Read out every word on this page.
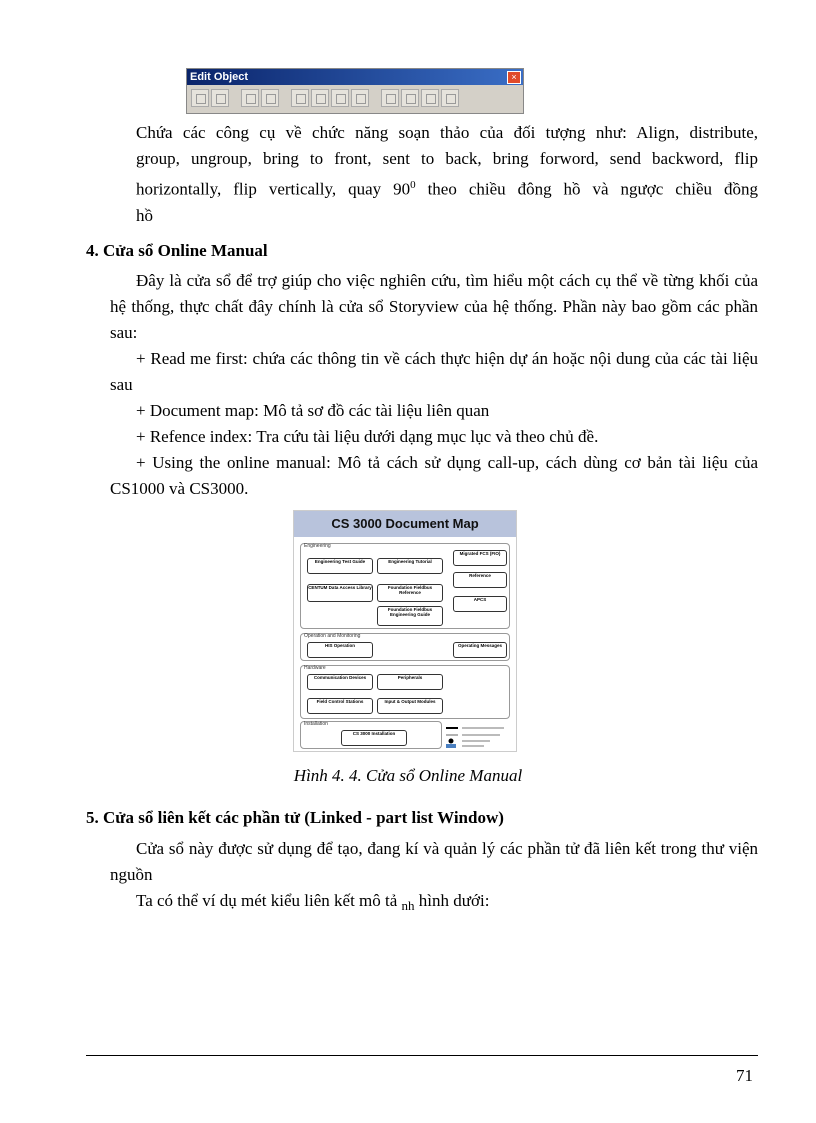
Edit Object	×
Chứa các công cụ về chức năng soạn thảo của đối tượng như: Align, distribute,
group, ungroup, bring to front, sent to back, bring forword, send backword, flip
horizontally, flip vertically, quay $90^0$ theo chiều đông hồ và ngược chiều đồng
hồ
4. Cửa sổ Online Manual
Đây là cửa sổ để trợ giúp cho việc nghiên cứu, tìm hiểu một cách cụ thể về từng khối của hệ thống, thực chất đây chính là cửa sổ Storyview của hệ thống. Phần này bao gồm các phần sau:
+ Read me first: chứa các thông tin về cách thực hiện dự án hoặc nội dung của các tài liệu sau
+ Document map: Mô tả sơ đồ các tài liệu liên quan
+ Refence index: Tra cứu tài liệu dưới dạng mục lục và theo chủ đề.
+ Using the online manual: Mô tả cách sử dụng call-up, cách dùng cơ bản tài liệu của CS1000 và CS3000.
CS 3000 Document Map
Engineering
Engineering Test Guide	Engineering Tutorial
CENTUM Data Access Library	Foundation Fieldbus Reference
Foundation Fieldbus Engineering Guide
Migrated FCS (FIO)
Reference
APCS
Operation and Monitoring
HIS Operation	Operating Messages
Hardware
Communication Devices	Peripherals
Field Control Stations	Input & Output Modules
Installation
CS 3000 Installation
Hình 4. 4. Cửa sổ Online Manual
5. Cửa sổ liên kết các phần tử (Linked - part list Window)
Cửa sổ này được sử dụng để tạo, đang kí và quản lý các phần tử đã liên kết trong thư viện nguồn
Ta có thể ví dụ mét kiểu liên kết mô tả $_{nh}$ hình dưới:
71
